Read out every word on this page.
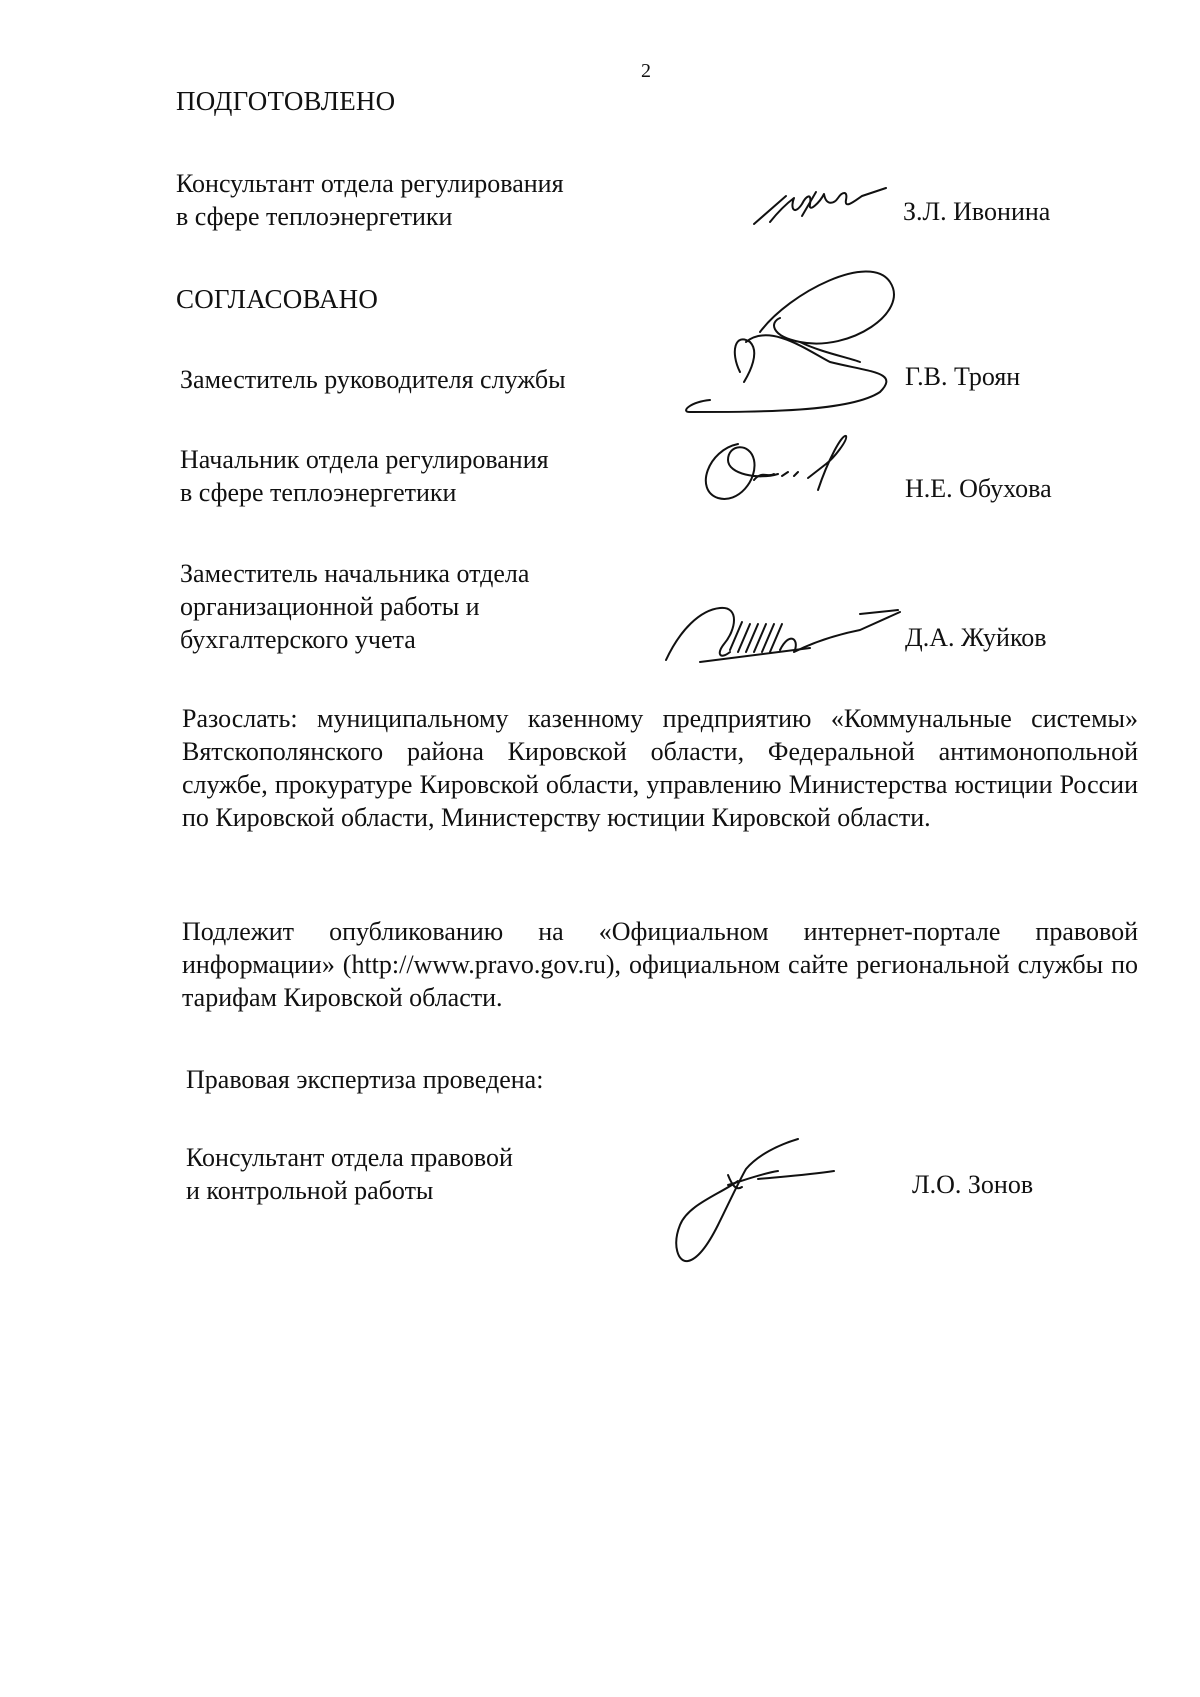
2
ПОДГОТОВЛЕНО
Консультант отдела регулирования
в сфере теплоэнергетики	З.Л. Ивонина
СОГЛАСОВАНО
Заместитель руководителя службы	Г.В. Троян
Начальник отдела регулирования
в сфере теплоэнергетики	Н.Е. Обухова
Заместитель начальника отдела
организационной работы и
бухгалтерского учета	Д.А. Жуйков
Разослать: муниципальному казенному предприятию «Коммунальные системы» Вятскополянского района Кировской области, Федеральной антимонопольной службе, прокуратуре Кировской области, управлению Министерства юстиции России по Кировской области, Министерству юстиции Кировской области.
Подлежит опубликованию на «Официальном интернет-портале правовой информации» (http://www.pravo.gov.ru), официальном сайте региональной службы по тарифам Кировской области.
Правовая экспертиза проведена:
Консультант отдела правовой
и контрольной работы	Л.О. Зонов
